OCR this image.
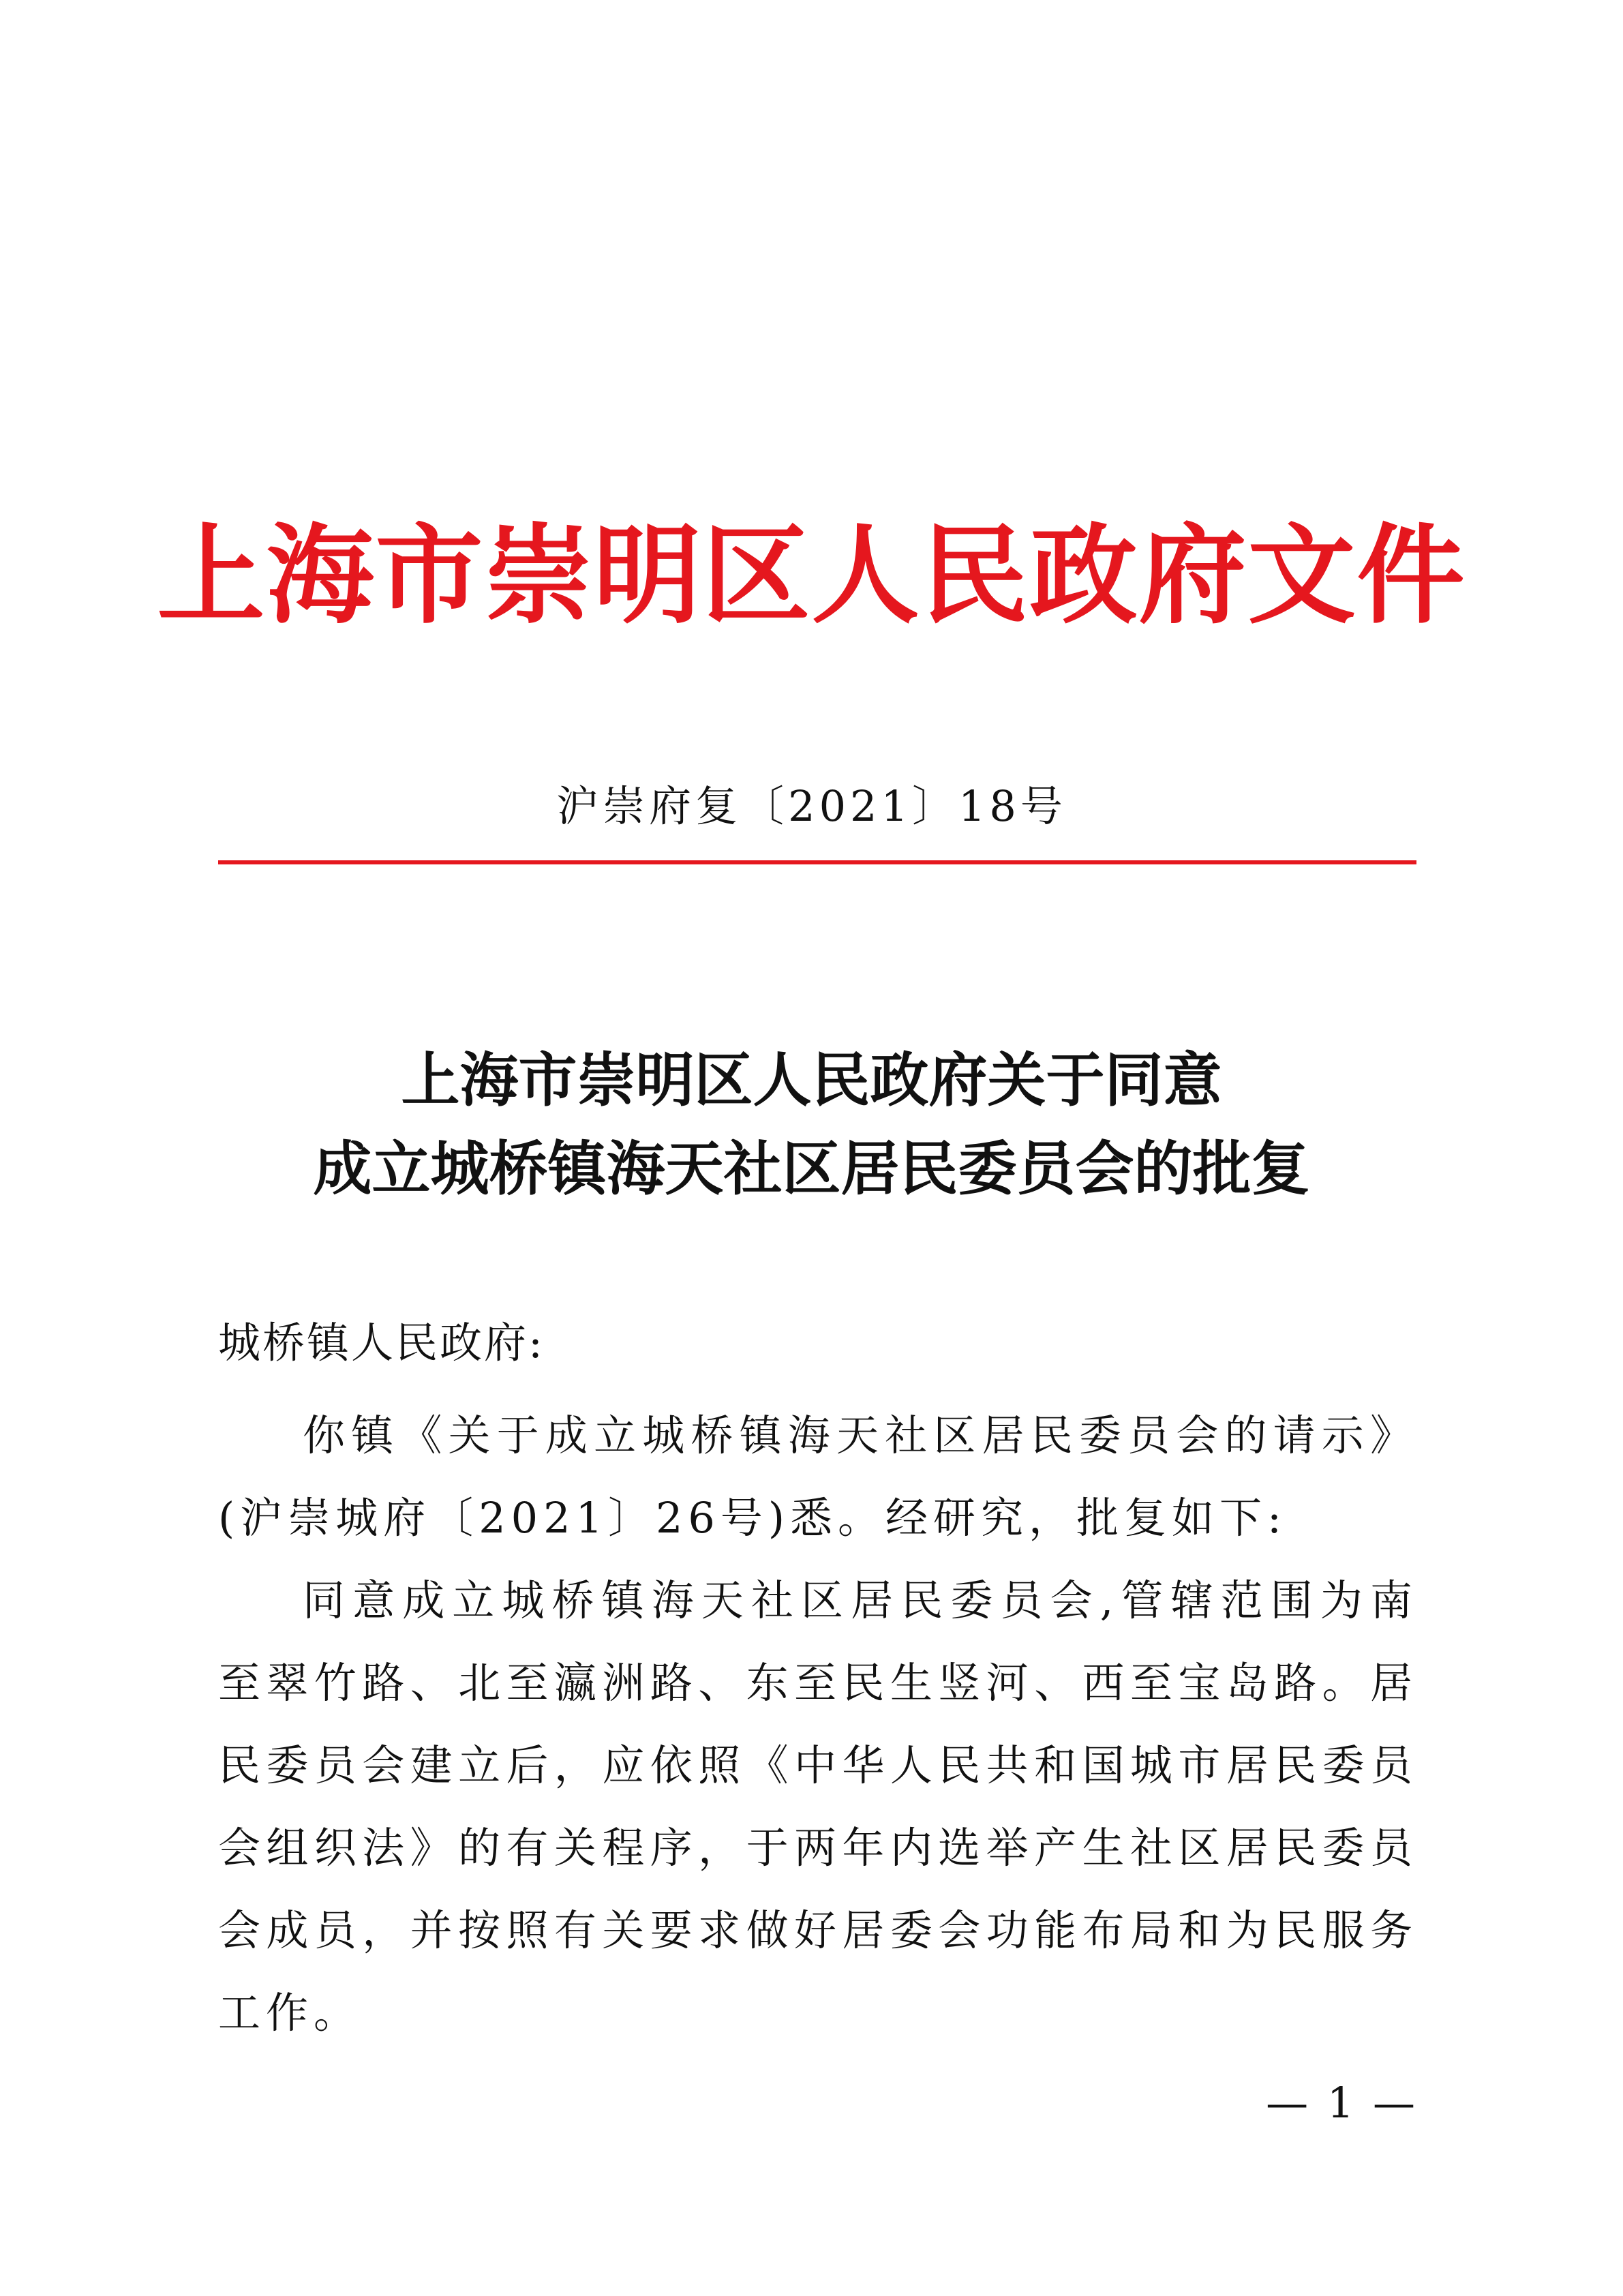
上海市崇明区人民政府文件
沪崇府复〔2021〕18号
上海市崇明区人民政府关于同意
成立城桥镇海天社区居民委员会的批复
城桥镇人民政府:

你镇《关于成立城桥镇海天社区居民委员会的请示》(沪崇城府〔2021〕26号)悉。经研究，批复如下:

同意成立城桥镇海天社区居民委员会,管辖范围为南至翠竹路、北至瀛洲路、东至民生竖河、西至宝岛路。居民委员会建立后，应依照《中华人民共和国城市居民委员会组织法》的有关程序，于两年内选举产生社区居民委员会成员，并按照有关要求做好居委会功能布局和为民服务工作。

— 1 —
